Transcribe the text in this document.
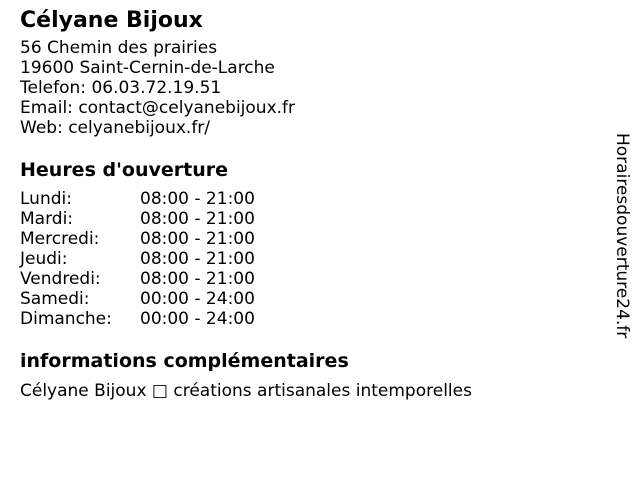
Célyane Bijoux
56 Chemin des prairies
19600 Saint-Cernin-de-Larche
Telefon: 06.03.72.19.51
Email: contact@celyanebijoux.fr
Web: celyanebijoux.fr/
Heures d'ouverture
Lundi:	08:00 - 21:00
Mardi:	08:00 - 21:00
Mercredi:	08:00 - 21:00
Jeudi:	08:00 - 21:00
Vendredi:	08:00 - 21:00
Samedi:	00:00 - 24:00
Dimanche:	00:00 - 24:00
informations complémentaires
Célyane Bijoux □ créations artisanales intemporelles
Horairesdouverture24.fr
